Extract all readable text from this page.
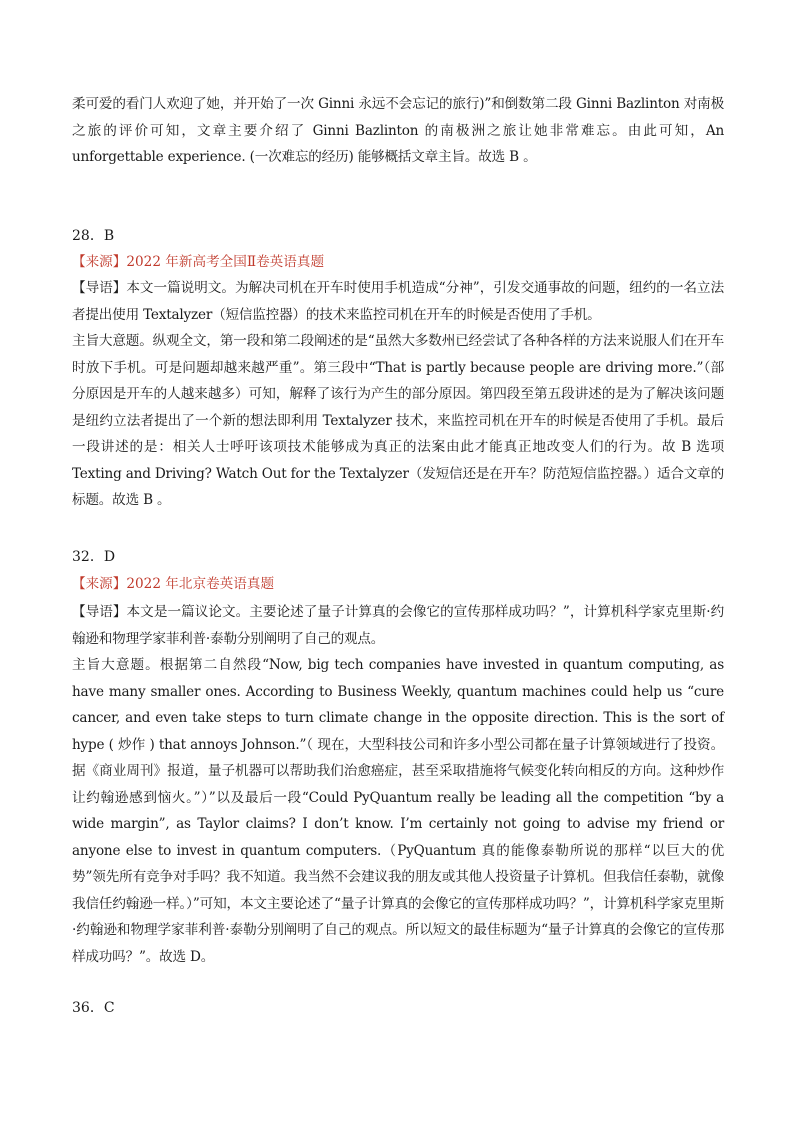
柔可爱的看门人欢迎了她，并开始了一次 Ginni 永远不会忘记的旅行)”和倒数第二段 Ginni Bazlinton 对南极之旅的评价可知，文章主要介绍了 Ginni Bazlinton 的南极洲之旅让她非常难忘。由此可知，An unforgettable experience. (一次难忘的经历) 能够概括文章主旨。故选 B 。

28．B
【来源】2022 年新高考全国Ⅱ卷英语真题

【导语】本文一篇说明文。为解决司机在开车时使用手机造成“分神”，引发交通事故的问题，纽约的一名立法者提出使用 Textalyzer（短信监控器）的技术来监控司机在开车的时候是否使用了手机。

主旨大意题。纵观全文，第一段和第二段阐述的是“虽然大多数州已经尝试了各种各样的方法来说服人们在开车时放下手机。可是问题却越来越严重”。第三段中“That is partly because people are driving more.”（部分原因是开车的人越来越多）可知，解释了该行为产生的部分原因。第四段至第五段讲述的是为了解决该问题是纽约立法者提出了一个新的想法即利用 Textalyzer 技术，来监控司机在开车的时候是否使用了手机。最后一段讲述的是：相关人士呼吁该项技术能够成为真正的法案由此才能真正地改变人们的行为。故 B 选项 Texting and Driving? Watch Out for the Textalyzer（发短信还是在开车？防范短信监控器。）适合文章的标题。故选 B 。

32．D
【来源】2022 年北京卷英语真题

【导语】本文是一篇议论文。主要论述了量子计算真的会像它的宣传那样成功吗？”，计算机科学家克里斯·约翰逊和物理学家菲利普·泰勒分别阐明了自己的观点。

主旨大意题。根据第二自然段“Now, big tech companies have invested in quantum computing, as have many smaller ones. According to Business Weekly, quantum machines could help us “cure cancer, and even take steps to turn climate change in the opposite direction. This is the sort of hype ( 炒作 ) that annoys Johnson.”（ 现在，大型科技公司和许多小型公司都在量子计算领域进行了投资。据《商业周刊》报道，量子机器可以帮助我们治愈癌症，甚至采取措施将气候变化转向相反的方向。这种炒作让约翰逊感到恼火。”）”以及最后一段“Could PyQuantum really be leading all the competition “by a wide margin”, as Taylor claims? I don’t know. I’m certainly not going to advise my friend or anyone else to invest in quantum computers.（PyQuantum 真的能像泰勒所说的那样“以巨大的优势”领先所有竞争对手吗？我不知道。我当然不会建议我的朋友或其他人投资量子计算机。但我信任泰勒，就像我信任约翰逊一样。）”可知，本文主要论述了“量子计算真的会像它的宣传那样成功吗？”，计算机科学家克里斯·约翰逊和物理学家菲利普·泰勒分别阐明了自己的观点。所以短文的最佳标题为“量子计算真的会像它的宣传那样成功吗？”。故选 D。

36．C
